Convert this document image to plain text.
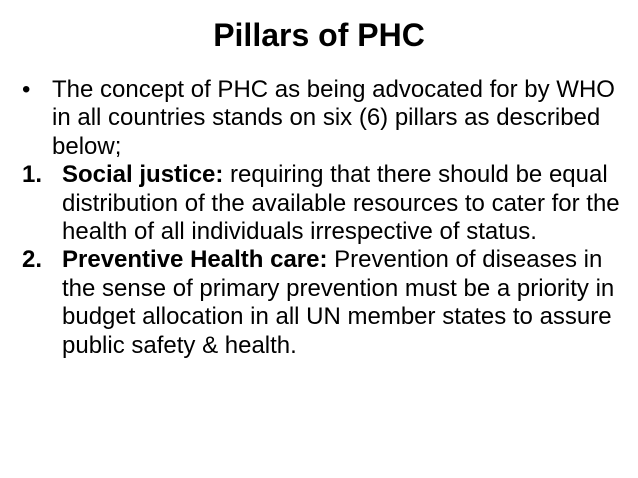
Pillars of PHC
• The concept of PHC as being advocated for by WHO in all countries stands on six (6) pillars as described below;
1. Social justice: requiring that there should be equal distribution of the available resources to cater for the health of all individuals irrespective of status.
2. Preventive Health care: Prevention of diseases in the sense of primary prevention must be a priority in budget allocation in all UN member states to assure public safety & health.
